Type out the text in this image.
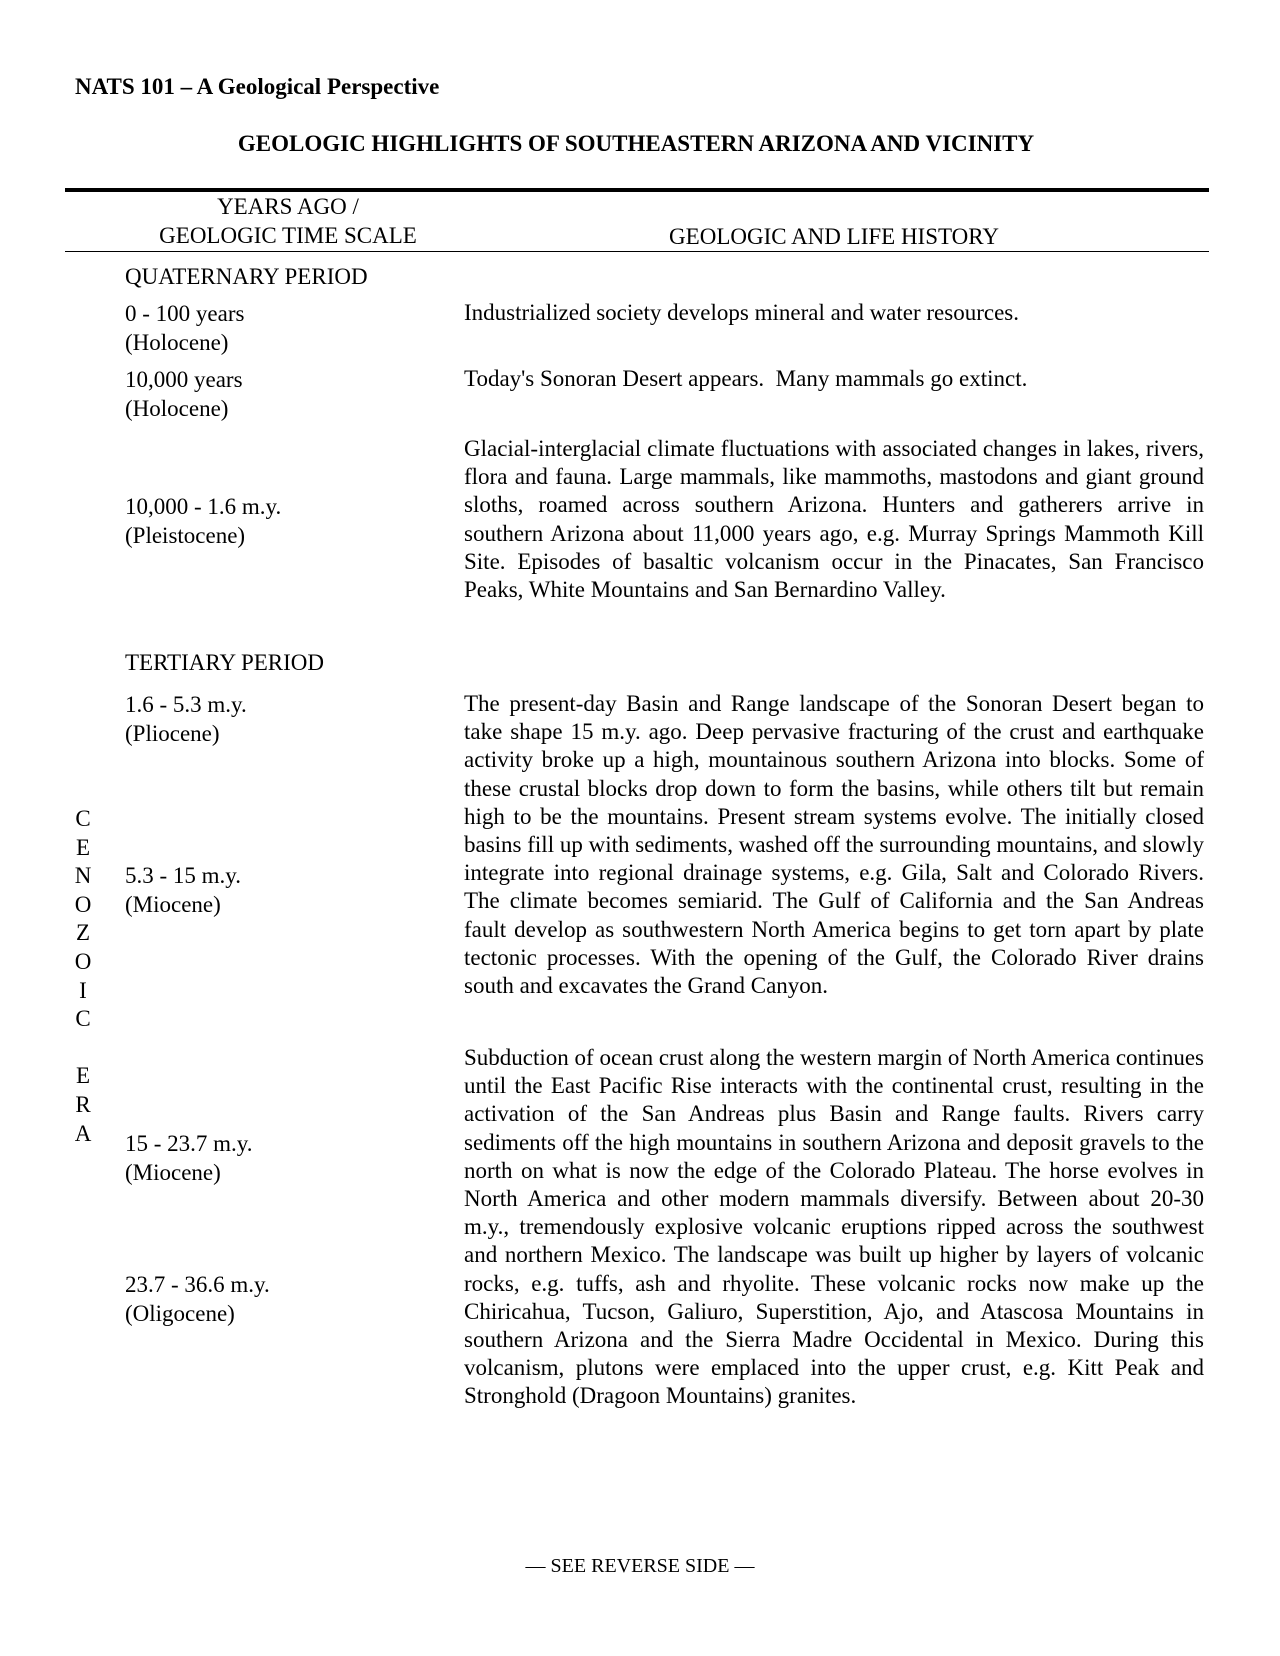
NATS 101 – A Geological Perspective
GEOLOGIC HIGHLIGHTS OF SOUTHEASTERN ARIZONA AND VICINITY
YEARS AGO /
GEOLOGIC TIME SCALE	GEOLOGIC AND LIFE HISTORY
C
E
N
O
Z
O
I
C
E
R
A
QUATERNARY PERIOD
0 - 100 years
(Holocene)
Industrialized society develops mineral and water resources.
10,000 years
(Holocene)
Today's Sonoran Desert appears.  Many mammals go extinct.
10,000 - 1.6 m.y.
(Pleistocene)
Glacial-interglacial climate fluctuations with associated changes in lakes, rivers, flora and fauna. Large mammals, like mammoths, mastodons and giant ground sloths, roamed across southern Arizona. Hunters and gatherers arrive in southern Arizona about 11,000 years ago, e.g. Murray Springs Mammoth Kill Site. Episodes of basaltic volcanism occur in the Pinacates, San Francisco Peaks, White Mountains and San Bernardino Valley.
TERTIARY PERIOD
1.6 - 5.3 m.y.
(Pliocene)
The present-day Basin and Range landscape of the Sonoran Desert began to take shape 15 m.y. ago. Deep pervasive fracturing of the crust and earthquake activity broke up a high, mountainous southern Arizona into blocks. Some of these crustal blocks drop down to form the basins, while others tilt but remain high to be the mountains. Present stream systems evolve. The initially closed basins fill up with sediments, washed off the surrounding mountains, and slowly integrate into regional drainage systems, e.g. Gila, Salt and Colorado Rivers. The climate becomes semiarid. The Gulf of California and the San Andreas fault develop as southwestern North America begins to get torn apart by plate tectonic processes. With the opening of the Gulf, the Colorado River drains south and excavates the Grand Canyon.
5.3 - 15 m.y.
(Miocene)
15 - 23.7 m.y.
(Miocene)
Subduction of ocean crust along the western margin of North America continues until the East Pacific Rise interacts with the continental crust, resulting in the activation of the San Andreas plus Basin and Range faults. Rivers carry sediments off the high mountains in southern Arizona and deposit gravels to the north on what is now the edge of the Colorado Plateau. The horse evolves in North America and other modern mammals diversify. Between about 20-30 m.y., tremendously explosive volcanic eruptions ripped across the southwest and northern Mexico. The landscape was built up higher by layers of volcanic rocks, e.g. tuffs, ash and rhyolite. These volcanic rocks now make up the Chiricahua, Tucson, Galiuro, Superstition, Ajo, and Atascosa Mountains in southern Arizona and the Sierra Madre Occidental in Mexico. During this volcanism, plutons were emplaced into the upper crust, e.g. Kitt Peak and Stronghold (Dragoon Mountains) granites.
23.7 - 36.6 m.y.
(Oligocene)
— SEE REVERSE SIDE —
